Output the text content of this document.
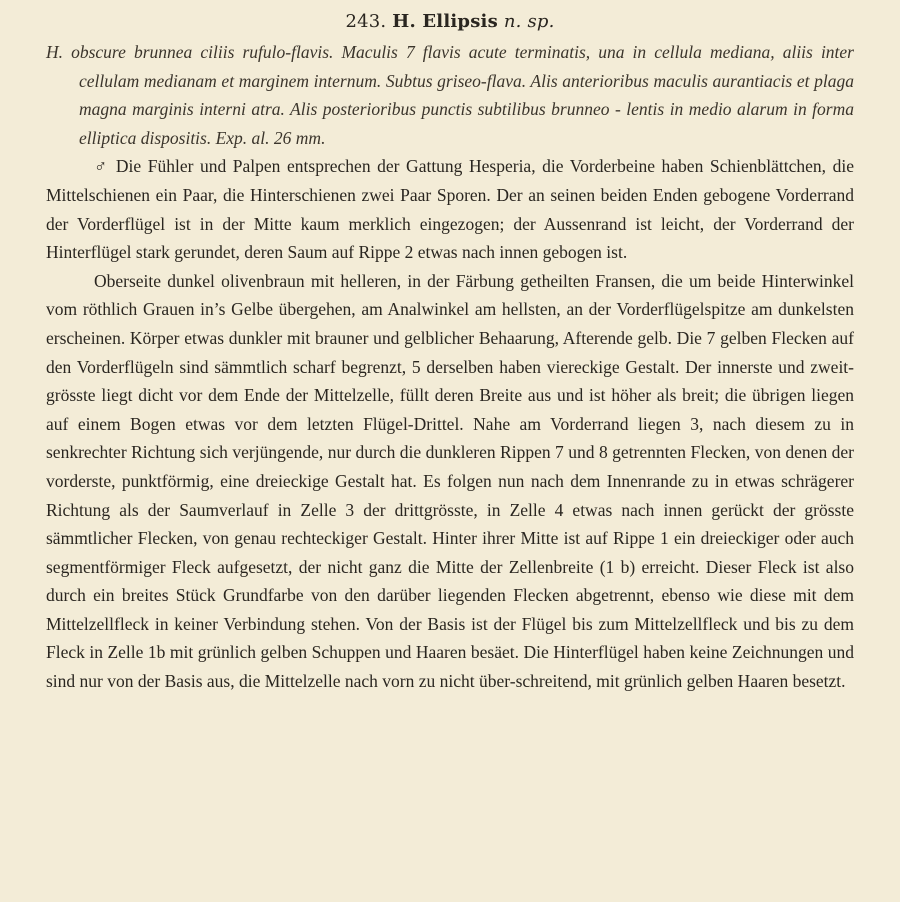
243. H. Ellipsis n. sp.

H. obscure brunnea ciliis rufulo-flavis. Maculis 7 flavis acute terminatis, una in cellula mediana, aliis inter cellulam medianam et marginem internum. Subtus griseo-flava. Alis anterioribus maculis aurantiacis et plaga magna marginis interni atra. Alis posterioribus punctis subtilibus brunneo - lentis in medio alarum in forma elliptica dispositis. Exp. al. 26 mm.

♂ Die Fühler und Palpen entsprechen der Gattung Hesperia, die Vorderbeine haben Schienblättchen, die Mittelschienen ein Paar, die Hinterschienen zwei Paar Sporen. Der an seinen beiden Enden gebogene Vorderrand der Vorderflügel ist in der Mitte kaum merklich eingezogen; der Aussenrand ist leicht, der Vorderrand der Hinterflügel stark gerundet, deren Saum auf Rippe 2 etwas nach innen gebogen ist.

Oberseite dunkel olivenbraun mit helleren, in der Färbung getheilten Fransen, die um beide Hinterwinkel vom röthlich Grauen in’s Gelbe übergehen, am Analwinkel am hellsten, an der Vorderflügelspitze am dunkelsten erscheinen. Körper etwas dunkler mit brauner und gelblicher Behaarung, Afterende gelb. Die 7 gelben Flecken auf den Vorderflügeln sind sämmtlich scharf begrenzt, 5 derselben haben viereckige Gestalt. Der innerste und zweit-grösste liegt dicht vor dem Ende der Mittelzelle, füllt deren Breite aus und ist höher als breit; die übrigen liegen auf einem Bogen etwas vor dem letzten Flügel-Drittel. Nahe am Vorderrand liegen 3, nach diesem zu in senkrechter Richtung sich verjüngende, nur durch die dunkleren Rippen 7 und 8 getrennten Flecken, von denen der vorderste, punktförmig, eine dreieckige Gestalt hat. Es folgen nun nach dem Innenrande zu in etwas schrägerer Richtung als der Saumverlauf in Zelle 3 der drittgrösste, in Zelle 4 etwas nach innen gerückt der grösste sämmtlicher Flecken, von genau rechteckiger Gestalt. Hinter ihrer Mitte ist auf Rippe 1 ein dreieckiger oder auch segmentförmiger Fleck aufgesetzt, der nicht ganz die Mitte der Zellenbreite (1 b) erreicht. Dieser Fleck ist also durch ein breites Stück Grundfarbe von den darüber liegenden Flecken abgetrennt, ebenso wie diese mit dem Mittelzellfleck in keiner Verbindung stehen. Von der Basis ist der Flügel bis zum Mittelzellfleck und bis zu dem Fleck in Zelle 1b mit grünlich gelben Schuppen und Haaren besäet. Die Hinterflügel haben keine Zeichnungen und sind nur von der Basis aus, die Mittelzelle nach vorn zu nicht über-schreitend, mit grünlich gelben Haaren besetzt.
